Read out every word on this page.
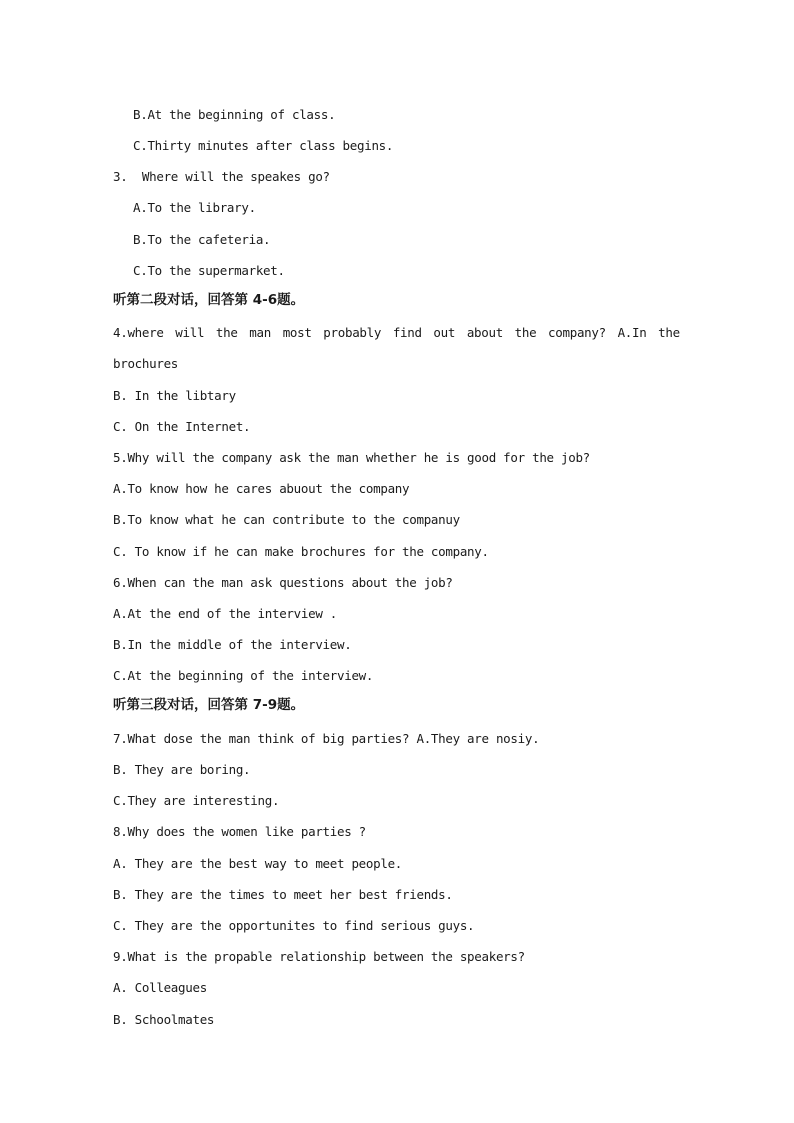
B.At the beginning of class.
C.Thirty minutes after class begins.
3.  Where will the speakes go?
A.To the library.
B.To the cafeteria.
C.To the supermarket.
听第二段对话，回答第 4-6题。
4.where will the man most probably find out about the company? A.In the
brochures
B. In the libtary
C. On the Internet.
5.Why will the company ask the man whether he is good for the job?
A.To know how he cares abuout the company
B.To know what he can contribute to the companuy
C. To know if he can make brochures for the company.
6.When can the man ask questions about the job?
A.At the end of the interview .
B.In the middle of the interview.
C.At the beginning of the interview.
听第三段对话，回答第 7-9题。
7.What dose the man think of big parties? A.They are nosiy.
B. They are boring.
C.They are interesting.
8.Why does the women like parties ?
A. They are the best way to meet people.
B. They are the times to meet her best friends.
C. They are the opportunites to find serious guys.
9.What is the propable relationship between the speakers?
A. Colleagues
B. Schoolmates
